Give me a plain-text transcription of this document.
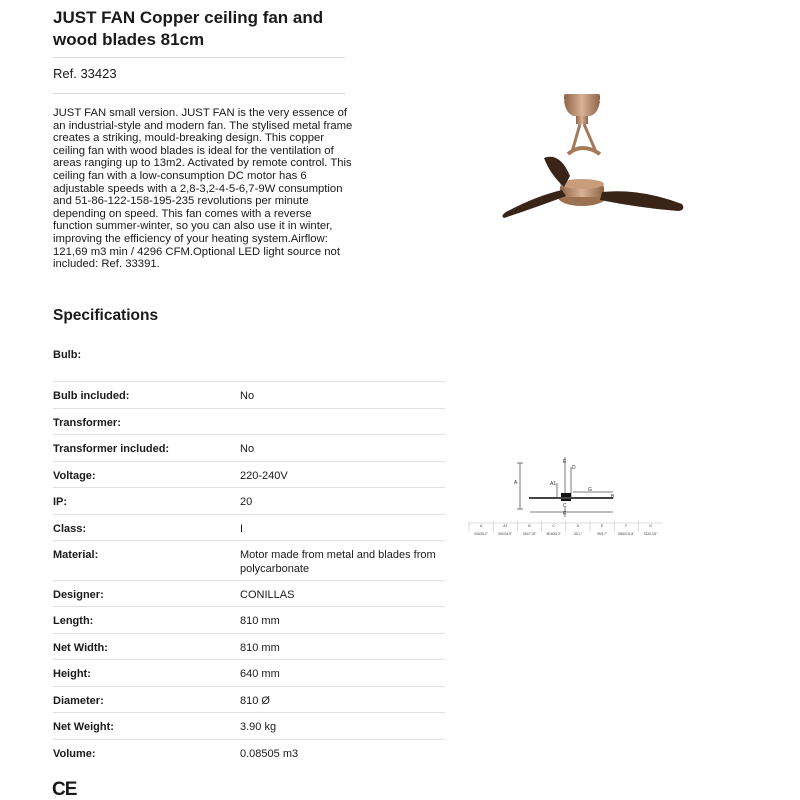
JUST FAN Copper ceiling fan and wood blades 81cm
Ref. 33423

JUST FAN small version. JUST FAN is the very essence of an industrial-style and modern fan. The stylised metal frame creates a striking, mould-breaking design. This copper ceiling fan with wood blades is ideal for the ventilation of areas ranging up to 13m2. Activated by remote control. This ceiling fan with a low-consumption DC motor has 6 adjustable speeds with a 2,8-3,2-4-5-6,7-9W consumption and 51-86-122-158-195-235 revolutions per minute depending on speed. This fan comes with a reverse function summer-winter, so you can also use it in winter, improving the efficiency of your heating system.Airflow: 121,69 m3 min / 4296 CFM.Optional LED light source not included: Ref. 33391.

E
D
A	A1
G
B
C
F
A
640/25,2"
A1
650/24,8"
B
180/7,09"
C
Ø160/6,3"
D
32/1,"
E
95/3,7"
F
Ø810/31,8"
G
333/13,8"
Specifications
Bulb:
Bulb included:	No
Transformer:
Transformer included:	No
Voltage:	220-240V
IP:	20
Class:	I
Material:	Motor made from metal and blades from polycarbonate
Designer:	CONILLAS
Length:	810 mm
Net Width:	810 mm
Height:	640 mm
Diameter:	810 Ø
Net Weight:	3.90 kg
Volume:	0.08505 m3
CE
